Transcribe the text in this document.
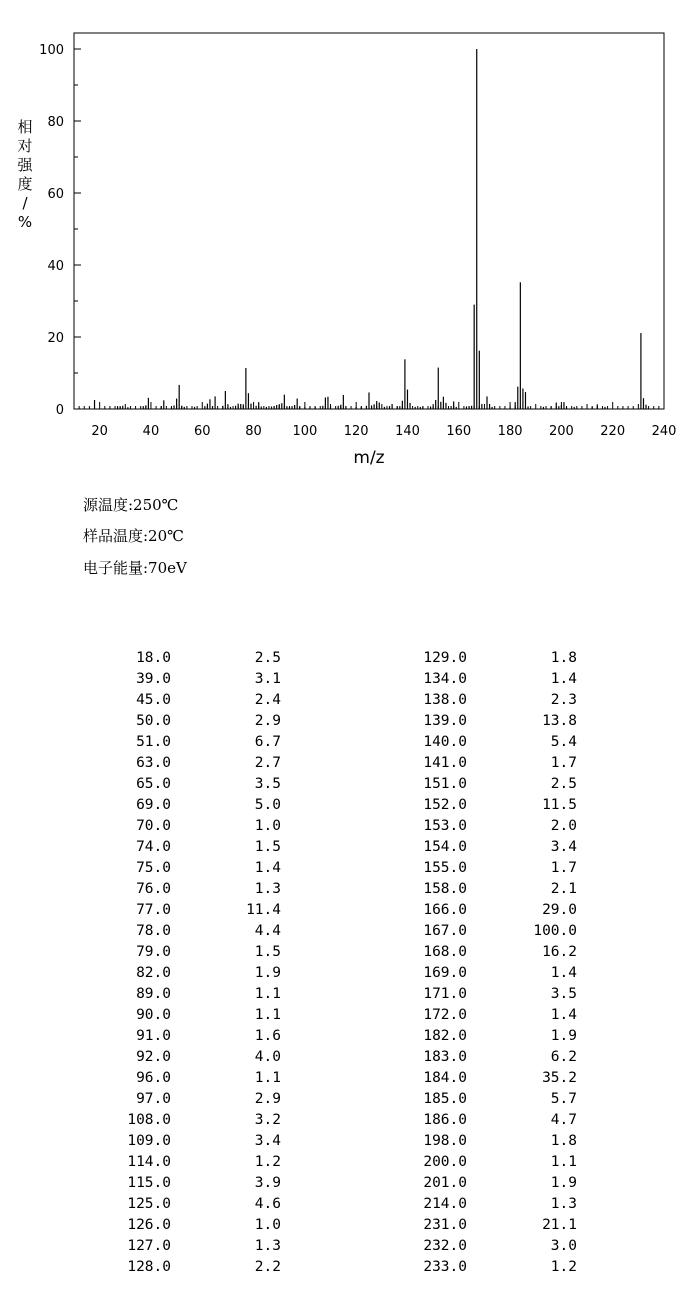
20	40	60	80 100 120 140 160 180 200 220 240
0
20
40
60
80
100
m/z
相对强度/ %
源温度:250℃
样品温度:20℃
电子能量:70eV
18.0	2.5
39.0	3.1
45.0	2.4
50.0	2.9
51.0	6.7
63.0	2.7
65.0	3.5
69.0	5.0
70.0	1.0
74.0	1.5
75.0	1.4
76.0	1.3
77.0	11.4
78.0	4.4
79.0	1.5
82.0	1.9
89.0	1.1
90.0	1.1
91.0	1.6
92.0	4.0
96.0	1.1
97.0	2.9
108.0	3.2
109.0	3.4
114.0	1.2
115.0	3.9
125.0	4.6
126.0	1.0
127.0	1.3
128.0	2.2
129.0	1.8
134.0	1.4
138.0	2.3
139.0	13.8
140.0	5.4
141.0	1.7
151.0	2.5
152.0	11.5
153.0	2.0
154.0	3.4
155.0	1.7
158.0	2.1
166.0	29.0
167.0	100.0
168.0	16.2
169.0	1.4
171.0	3.5
172.0	1.4
182.0	1.9
183.0	6.2
184.0	35.2
185.0	5.7
186.0	4.7
198.0	1.8
200.0	1.1
201.0	1.9
214.0	1.3
231.0	21.1
232.0	3.0
233.0	1.2
